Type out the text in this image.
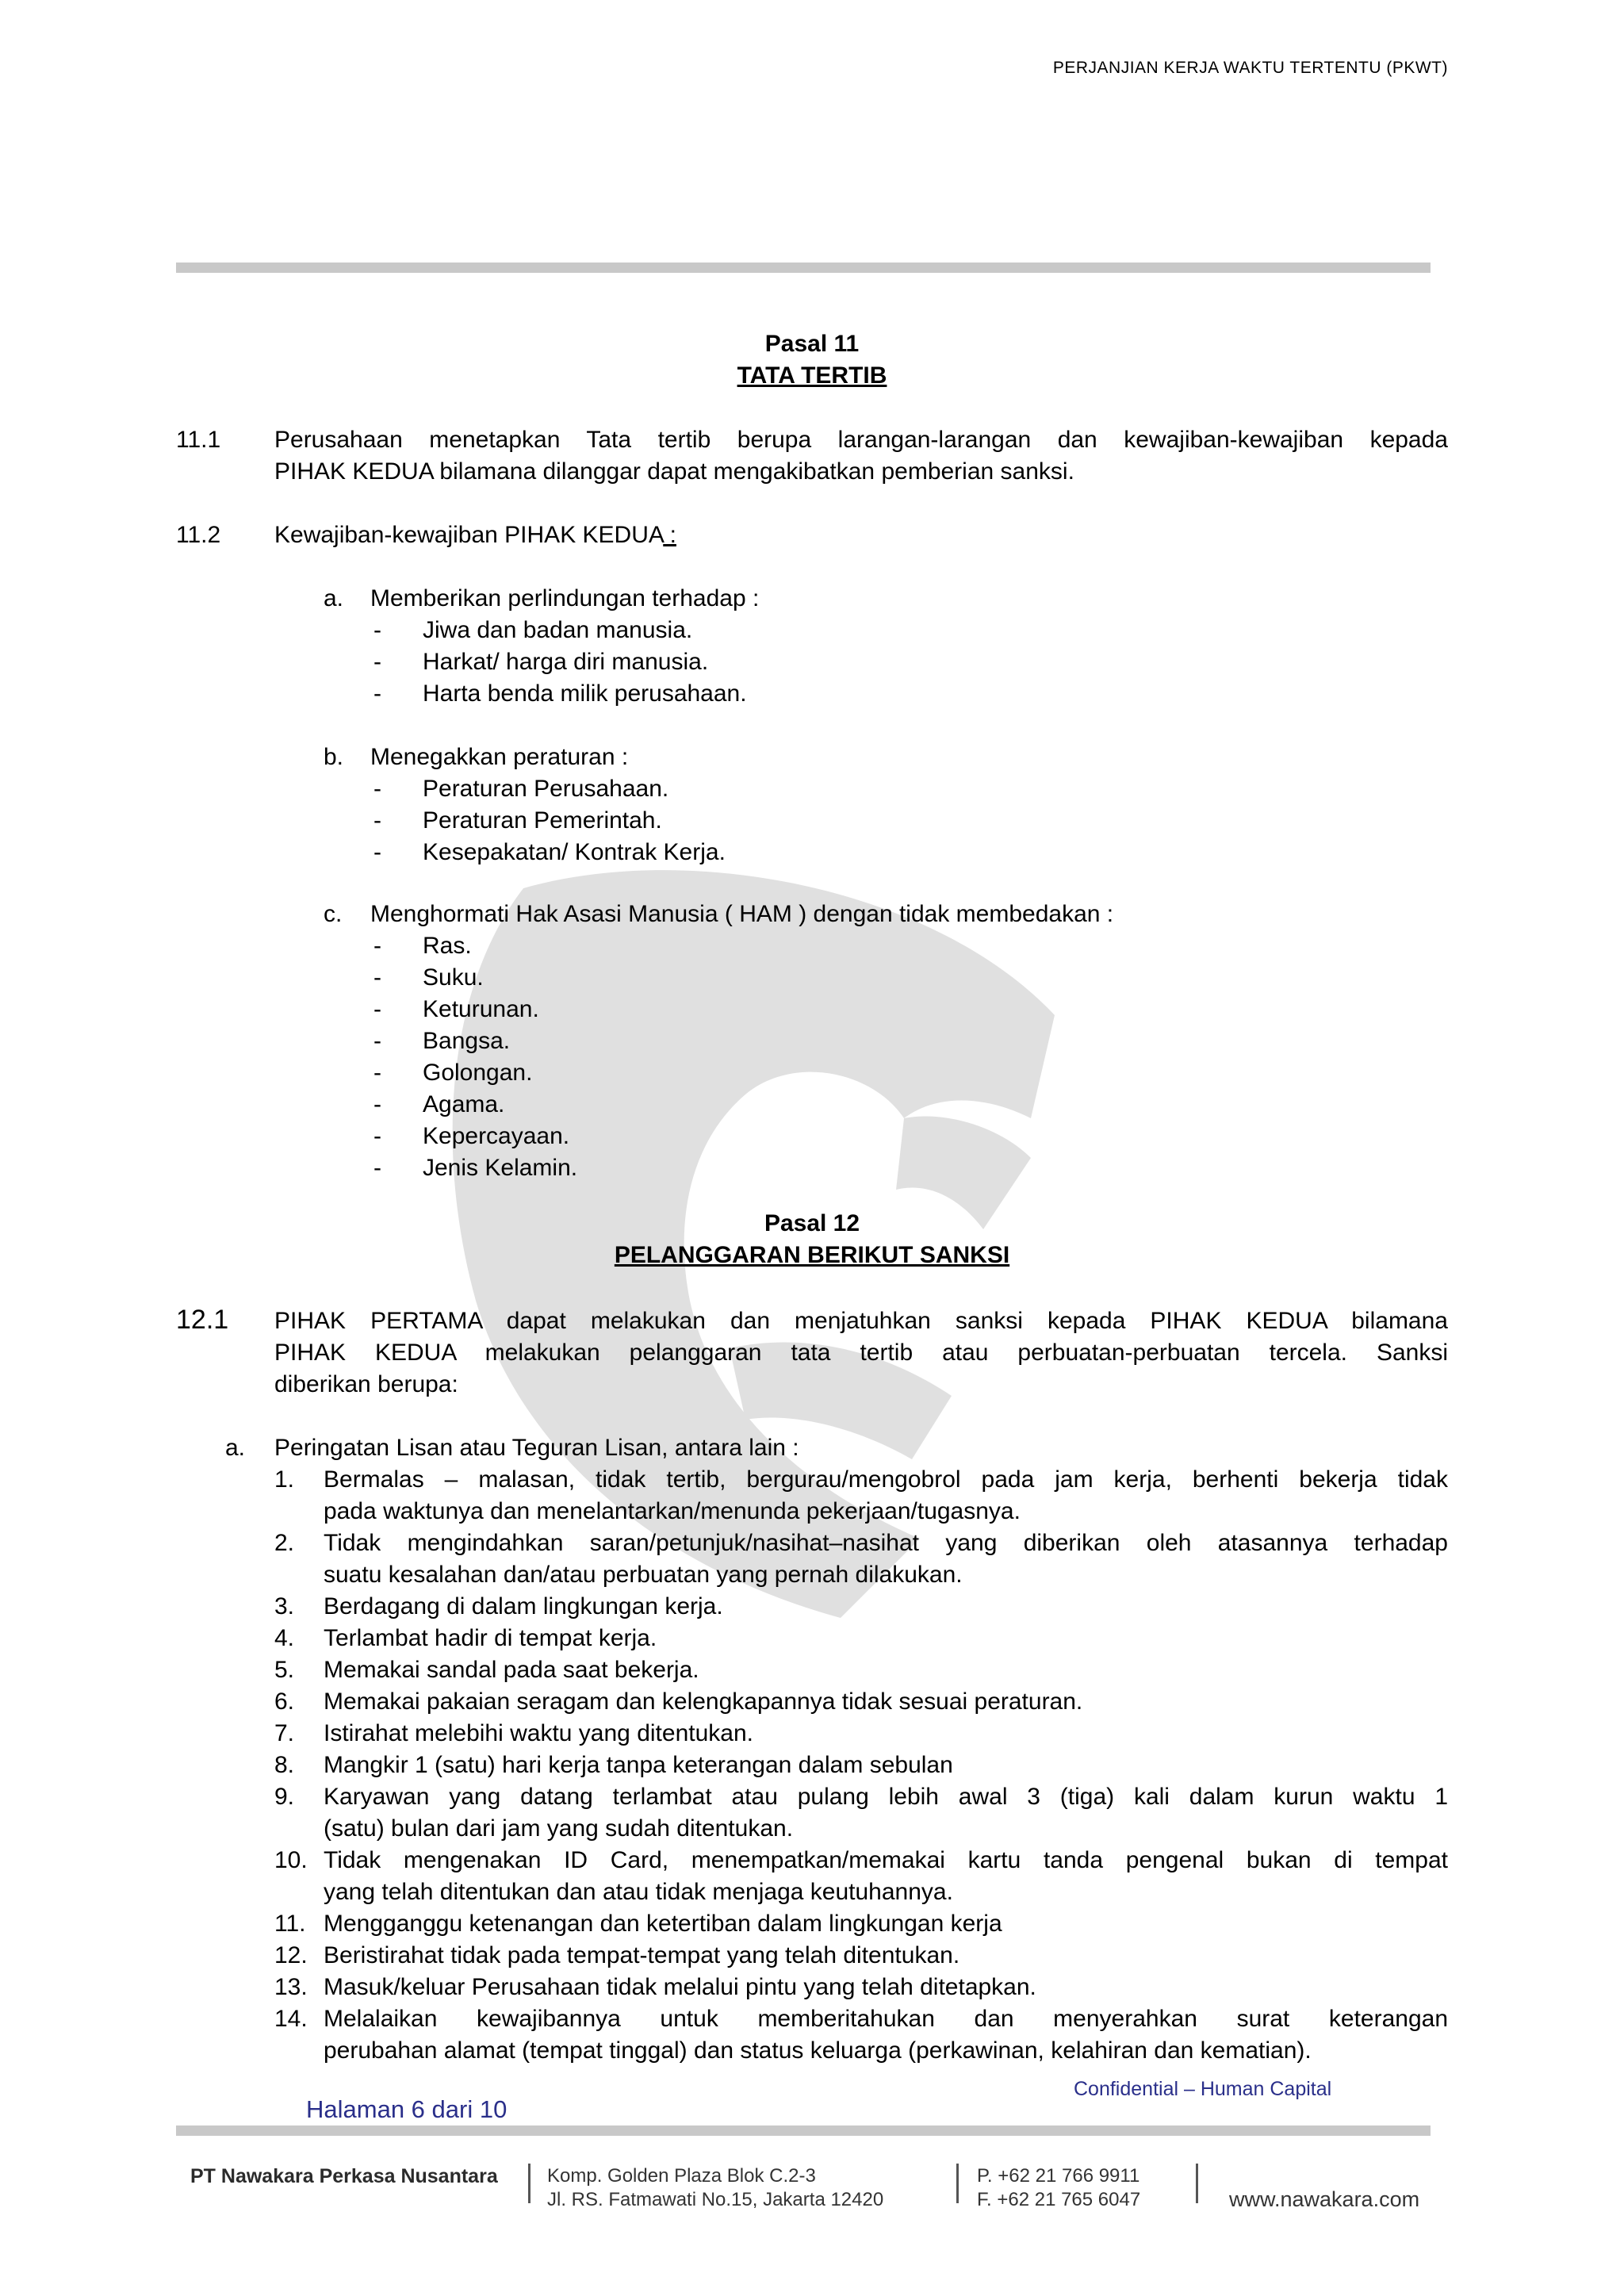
PERJANJIAN KERJA WAKTU TERTENTU (PKWT)
Pasal 11
TATA TERTIB
11.1 Perusahaan menetapkan Tata tertib berupa larangan-larangan dan kewajiban-kewajiban kepada
PIHAK KEDUA bilamana dilanggar dapat mengakibatkan pemberian sanksi.
11.2 Kewajiban-kewajiban PIHAK KEDUA :
a. Memberikan perlindungan terhadap :
- Jiwa dan badan manusia.
- Harkat/ harga diri manusia.
- Harta benda milik perusahaan.
b. Menegakkan peraturan :
- Peraturan Perusahaan.
- Peraturan Pemerintah.
- Kesepakatan/ Kontrak Kerja.
c. Menghormati Hak Asasi Manusia ( HAM ) dengan tidak membedakan :
- Ras.
- Suku.
- Keturunan.
- Bangsa.
- Golongan.
- Agama.
- Kepercayaan.
- Jenis Kelamin.
Pasal 12
PELANGGARAN BERIKUT SANKSI
12.1 PIHAK PERTAMA dapat melakukan dan menjatuhkan sanksi kepada PIHAK KEDUA bilamana
PIHAK KEDUA melakukan pelanggaran tata tertib atau perbuatan-perbuatan tercela. Sanksi
diberikan berupa:
a. Peringatan Lisan atau Teguran Lisan, antara lain :
1. Bermalas – malasan, tidak tertib, bergurau/mengobrol pada jam kerja, berhenti bekerja tidak
pada waktunya dan menelantarkan/menunda pekerjaan/tugasnya.
2. Tidak mengindahkan saran/petunjuk/nasihat–nasihat yang diberikan oleh atasannya terhadap
suatu kesalahan dan/atau perbuatan yang pernah dilakukan.
3. Berdagang di dalam lingkungan kerja.
4. Terlambat hadir di tempat kerja.
5. Memakai sandal pada saat bekerja.
6. Memakai pakaian seragam dan kelengkapannya tidak sesuai peraturan.
7. Istirahat melebihi waktu yang ditentukan.
8. Mangkir 1 (satu) hari kerja tanpa keterangan dalam sebulan
9. Karyawan yang datang terlambat atau pulang lebih awal 3 (tiga) kali dalam kurun waktu 1
(satu) bulan dari jam yang sudah ditentukan.
10. Tidak mengenakan ID Card, menempatkan/memakai kartu tanda pengenal bukan di tempat
yang telah ditentukan dan atau tidak menjaga keutuhannya.
11. Mengganggu ketenangan dan ketertiban dalam lingkungan kerja
12. Beristirahat tidak pada tempat-tempat yang telah ditentukan.
13. Masuk/keluar Perusahaan tidak melalui pintu yang telah ditetapkan.
14. Melalaikan kewajibannya untuk memberitahukan dan menyerahkan surat keterangan
perubahan alamat (tempat tinggal) dan status keluarga (perkawinan, kelahiran dan kematian).
Confidential – Human Capital
Halaman 6 dari 10
PT Nawakara Perkasa Nusantara	Komp. Golden Plaza Blok C.2-3
Jl. RS. Fatmawati No.15, Jakarta 12420
P. +62 21 766 9911
F. +62 21 765 6047	www.nawakara.com
